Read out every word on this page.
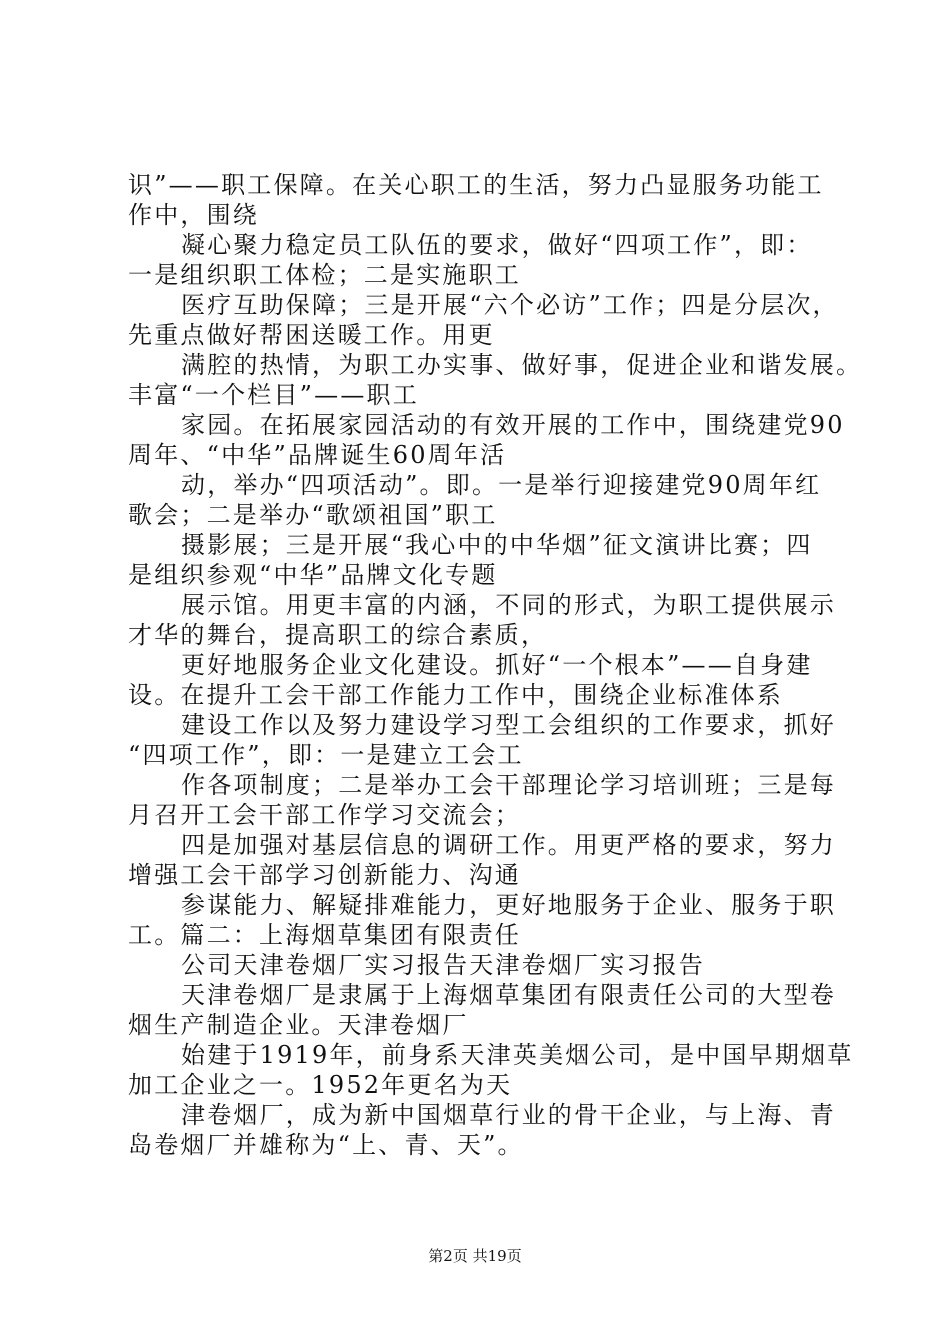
识”——职工保障。在关心职工的生活，努力凸显服务功能工
作中，围绕
凝心聚力稳定员工队伍的要求，做好“四项工作”，即：
一是组织职工体检；二是实施职工
医疗互助保障；三是开展“六个必访”工作；四是分层次，
先重点做好帮困送暖工作。用更
满腔的热情，为职工办实事、做好事，促进企业和谐发展。
丰富“一个栏目”——职工
家园。在拓展家园活动的有效开展的工作中，围绕建党90
周年、“中华”品牌诞生60周年活
动，举办“四项活动”。即。一是举行迎接建党90周年红
歌会；二是举办“歌颂祖国”职工
摄影展；三是开展“我心中的中华烟”征文演讲比赛；四
是组织参观“中华”品牌文化专题
展示馆。用更丰富的内涵，不同的形式，为职工提供展示
才华的舞台，提高职工的综合素质，
更好地服务企业文化建设。抓好“一个根本”——自身建
设。在提升工会干部工作能力工作中，围绕企业标准体系
建设工作以及努力建设学习型工会组织的工作要求，抓好
“四项工作”，即：一是建立工会工
作各项制度；二是举办工会干部理论学习培训班；三是每
月召开工会干部工作学习交流会；
四是加强对基层信息的调研工作。用更严格的要求，努力
增强工会干部学习创新能力、沟通
参谋能力、解疑排难能力，更好地服务于企业、服务于职
工。篇二：上海烟草集团有限责任
公司天津卷烟厂实习报告天津卷烟厂实习报告
天津卷烟厂是隶属于上海烟草集团有限责任公司的大型卷
烟生产制造企业。天津卷烟厂
始建于1919年，前身系天津英美烟公司，是中国早期烟草
加工企业之一。1952年更名为天
津卷烟厂，成为新中国烟草行业的骨干企业，与上海、青
岛卷烟厂并雄称为“上、青、天”。
第2页 共19页
